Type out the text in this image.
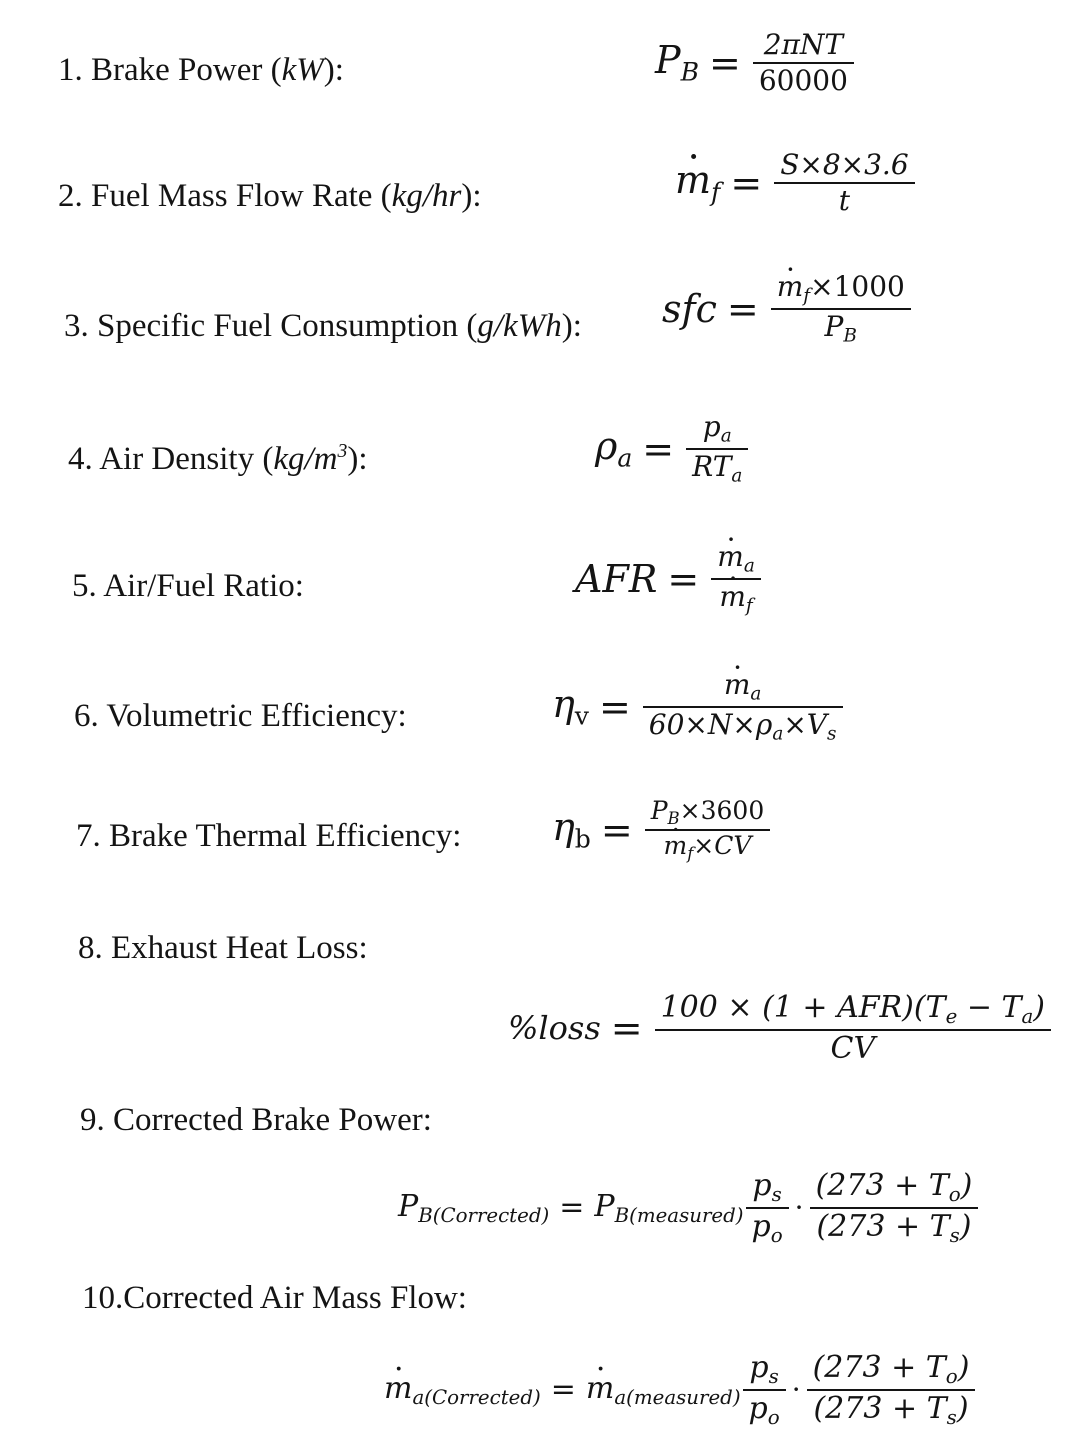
1. Brake Power (kW):	$P_B = \frac{\text{2πNT}}{60000}$
2. Fuel Mass Flow Rate (kg/hr):	· $m_f = \frac{S\times 8\times 3.6}{t}$
3. Specific Fuel Consumption (g/kWh): sfc = · $\frac{m_f\times 1000}{P_B}$
4. Air Density $(kg/m^3)$:	$\rho_a = \frac{p_a}{RT_a}$
5. Air/Fuel Ratio:	AFR = · $m_a$
· $m_f$
6. Volumetric Efficiency:	$\eta_v$ = · $\frac{m_a}{60\times N\times\rho_a\times V_s}$
7. Brake Thermal Efficiency: $\eta_b = P_B\times 3600$
· $m_f\times CV$
8. Exhaust Heat Loss:
%loss = $\frac{100 \times (1 + AFR)(T_e - T_a)}{CV}$
9. Corrected Brake Power:
$P_{B(Corrected)} = P_{B(measured)} \frac{p_s}{p_o} \cdot \frac{(273 + T_o)}{(273 + T_s)}$
10.Corrected Air Mass Flow:
· $m_{a(Corrected)}$ = · $m_{a(measured)} \frac{p_s}{p_o} \cdot \frac{(273 + T_o)}{(273 + T_s)}$
